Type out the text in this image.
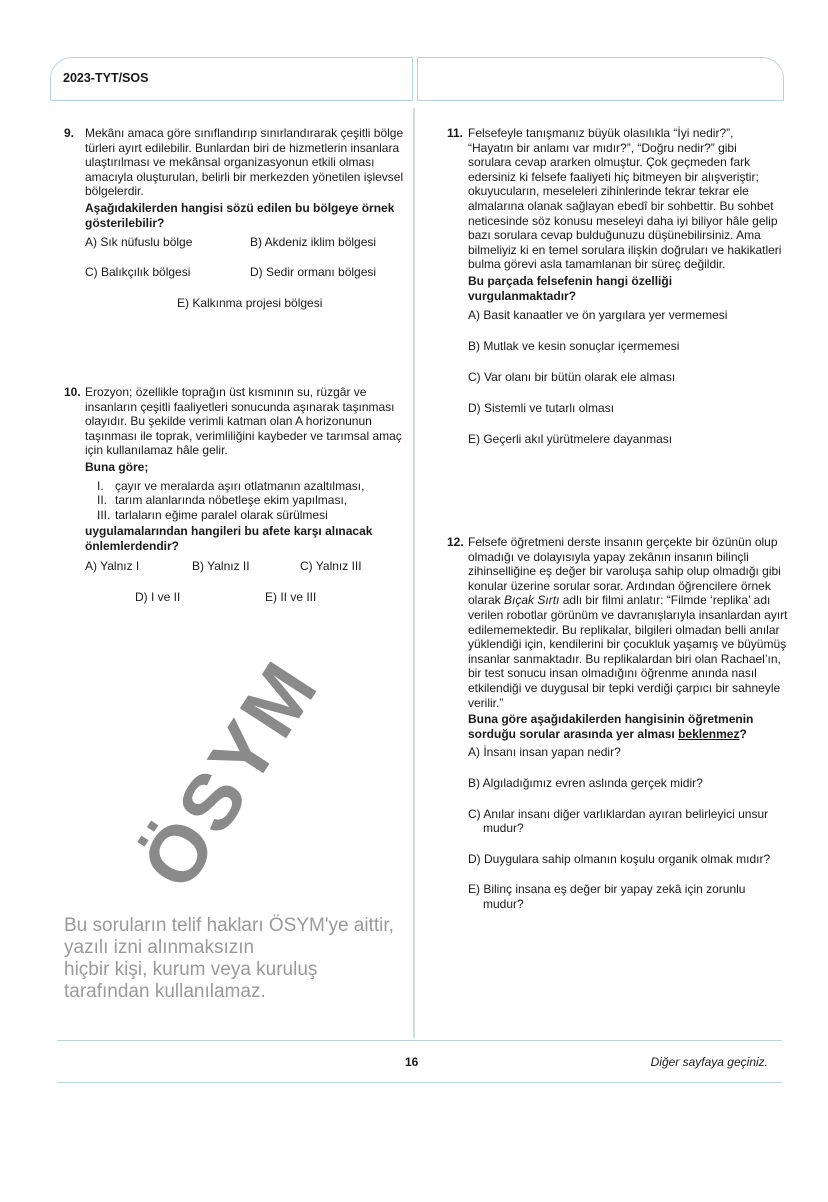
2023-TYT/SOS
9. Mekânı amaca göre sınıflandırıp sınırlandırarak çeşitli bölge türleri ayırt edilebilir. Bunlardan biri de hizmetlerin insanlara ulaştırılması ve mekânsal organizasyonun etkili olması amacıyla oluşturulan, belirli bir merkezden yönetilen işlevsel bölgelerdir.

Aşağıdakilerden hangisi sözü edilen bu bölgeye örnek gösterilebilir?

A) Sık nüfuslu bölge	B) Akdeniz iklim bölgesi
C) Balıkçılık bölgesi	D) Sedir ormanı bölgesi
E) Kalkınma projesi bölgesi
10. Erozyon; özellikle toprağın üst kısmının su, rüzgâr ve insanların çeşitli faaliyetleri sonucunda aşınarak taşınması olayıdır. Bu şekilde verimli katman olan A horizonunun taşınması ile toprak, verimliliğini kaybeder ve tarımsal amaç için kullanılamaz hâle gelir.

Buna göre;

I. çayır ve meralarda aşırı otlatmanın azaltılması,
II. tarım alanlarında nöbetleşe ekim yapılması,
III. tarlaların eğime paralel olarak sürülmesi

uygulamalarından hangileri bu afete karşı alınacak önlemlerdendir?

A) Yalnız I	B) Yalnız II	C) Yalnız III
D) I ve II	E) II ve III
11. Felsefeyle tanışmanız büyük olasılıkla “İyi nedir?”, “Hayatın bir anlamı var mıdır?”, “Doğru nedir?” gibi sorulara cevap ararken olmuştur. Çok geçmeden fark edersiniz ki felsefe faaliyeti hiç bitmeyen bir alışveriştir; okuyucuların, meseleleri zihinlerinde tekrar tekrar ele almalarına olanak sağlayan ebedî bir sohbettir. Bu sohbet neticesinde söz konusu meseleyi daha iyi biliyor hâle gelip bazı sorulara cevap bulduğunuzu düşünebilirsiniz. Ama bilmeliyiz ki en temel sorulara ilişkin doğruları ve hakikatleri bulma görevi asla tamamlanan bir süreç değildir.

Bu parçada felsefenin hangi özelliği vurgulanmaktadır?

A) Basit kanaatler ve ön yargılara yer vermemesi
B) Mutlak ve kesin sonuçlar içermemesi
C) Var olanı bir bütün olarak ele alması
D) Sistemli ve tutarlı olması
E) Geçerli akıl yürütmelere dayanması
12. Felsefe öğretmeni derste insanın gerçekte bir özünün olup olmadığı ve dolayısıyla yapay zekânın insanın bilinçli zihinselliğine eş değer bir varoluşa sahip olup olmadığı gibi konular üzerine sorular sorar. Ardından öğrencilere örnek olarak Bıçak Sırtı adlı bir filmi anlatır: “Filmde ‘replika’ adı verilen robotlar görünüm ve davranışlarıyla insanlardan ayırt edilememektedir. Bu replikalar, bilgileri olmadan belli anılar yüklendiği için, kendilerini bir çocukluk yaşamış ve büyümüş insanlar sanmaktadır. Bu replikalardan biri olan Rachael’ın, bir test sonucu insan olmadığını öğrenme anında nasıl etkilendiği ve duygusal bir tepki verdiği çarpıcı bir sahneyle verilir.”

Buna göre aşağıdakilerden hangisinin öğretmenin sorduğu sorular arasında yer alması beklenmez?

A) İnsanı insan yapan nedir?
B) Algıladığımız evren aslında gerçek midir?
C) Anılar insanı diğer varlıklardan ayıran belirleyici unsur mudur?
D) Duygulara sahip olmanın koşulu organik olmak mıdır?
E) Bilinç insana eş değer bir yapay zekâ için zorunlu mudur?
16	Diğer sayfaya geçiniz.
ÖSYM
Bu soruların telif hakları ÖSYM'ye aittir, yazılı izni alınmaksızın
hiçbir kişi, kurum veya kuruluş tarafından kullanılamaz.
